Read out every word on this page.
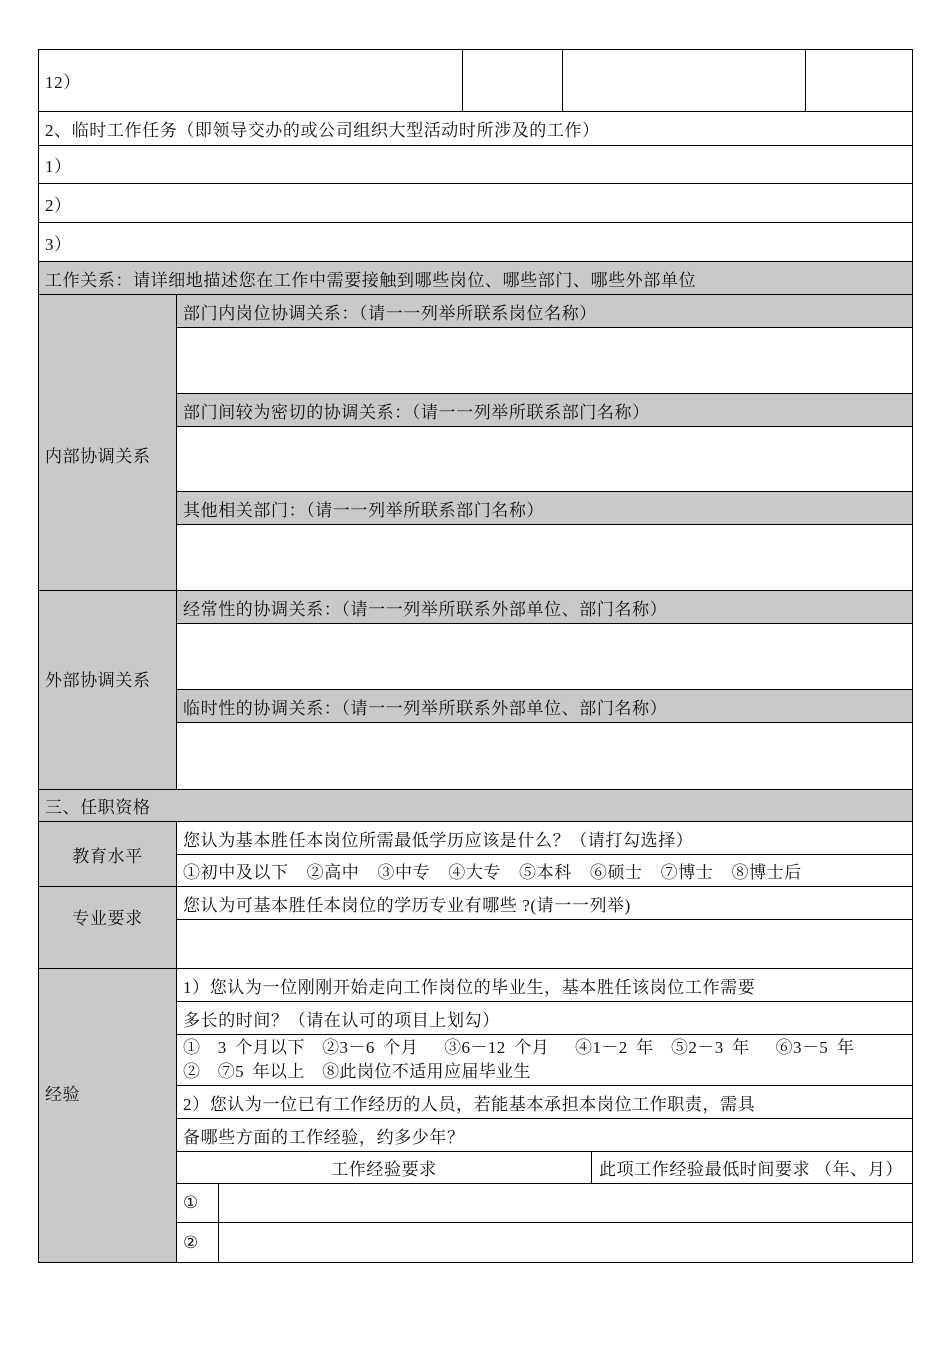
12）
2、临时工作任务（即领导交办的或公司组织大型活动时所涉及的工作）
1）
2）
3）
工作关系：请详细地描述您在工作中需要接触到哪些岗位、哪些部门、哪些外部单位
内部协调关系
部门内岗位协调关系：（请一一列举所联系岗位名称）
部门间较为密切的协调关系：（请一一列举所联系部门名称）
其他相关部门：（请一一列举所联系部门名称）
外部协调关系
经常性的协调关系：（请一一列举所联系外部单位、部门名称）
临时性的协调关系：（请一一列举所联系外部单位、部门名称）
三、任职资格
教育水平
您认为基本胜任本岗位所需最低学历应该是什么？（请打勾选择）
①初中及以下 ②高中 ③中专 ④大专 ⑤本科 ⑥硕士 ⑦博士 ⑧博士后
专业要求
您认为可基本胜任本岗位的学历专业有哪些 ?(请一一列举)
经验
1）您认为一位刚刚开始走向工作岗位的毕业生，基本胜任该岗位工作需要
多长的时间？（请在认可的项目上划勾）
①  3 个月以下  ②3－6 个月   ③6－12 个月   ④1－2 年  ⑤2－3 年   ⑥3－5 年
②  ⑦5 年以上  ⑧此岗位不适用应届毕业生
2）您认为一位已有工作经历的人员，若能基本承担本岗位工作职责，需具
备哪些方面的工作经验，约多少年？
工作经验要求	此项工作经验最低时间要求 （年、月）
①
②
